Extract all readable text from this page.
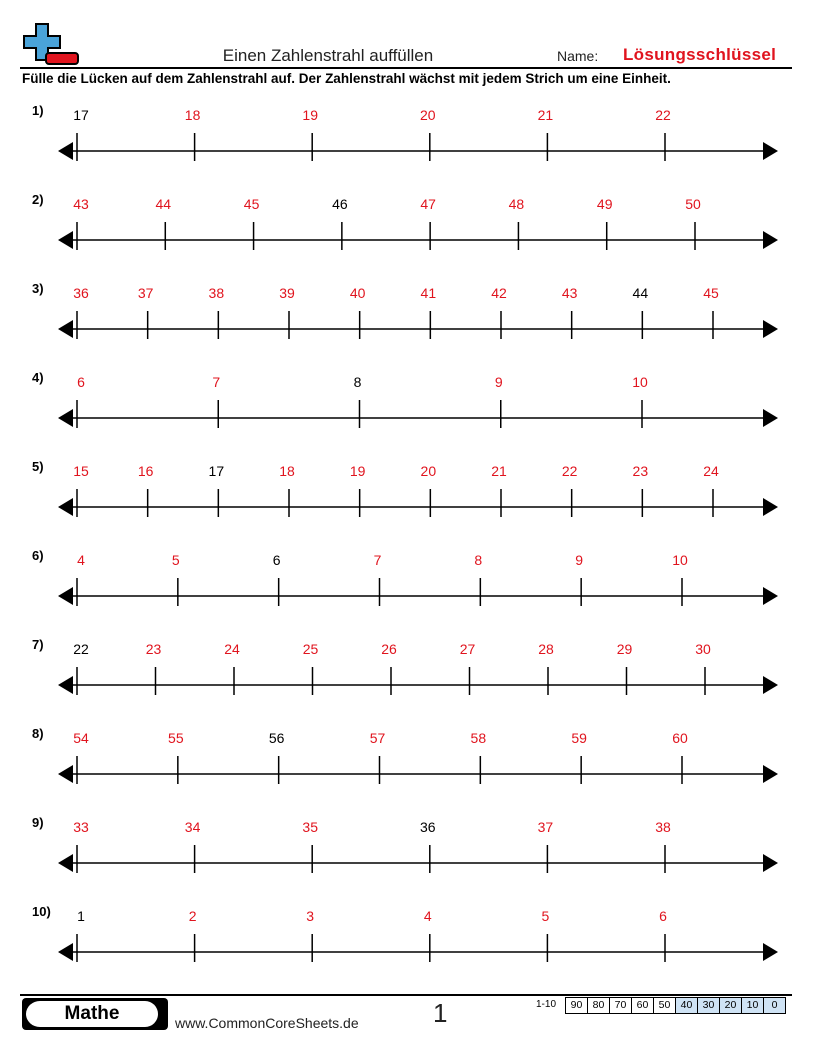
Einen Zahlenstrahl auffüllen	Name: Lösungsschlüssel
Fülle die Lücken auf dem Zahlenstrahl auf. Der Zahlenstrahl wächst mit jedem Strich um eine Einheit.
1) 17	18	19	20	21	22
2) 43	44	45	46	47	48	49	50
3) 36	37	38	39	40	41	42	43	44	45
4) 6	7	8	9	10
5) 15	16	17	18	19	20	21	22	23	24
6) 4	5	6	7	8	9	10
7) 22	23	24	25	26	27	28	29	30
8) 54	55	56	57	58	59	60
9) 33	34	35	36	37	38
10) 1	2	3	4	5	6
Mathe	www.CommonCoreSheets.de	1	1-10 90	80	70	60	50	40	30	20	10	0
